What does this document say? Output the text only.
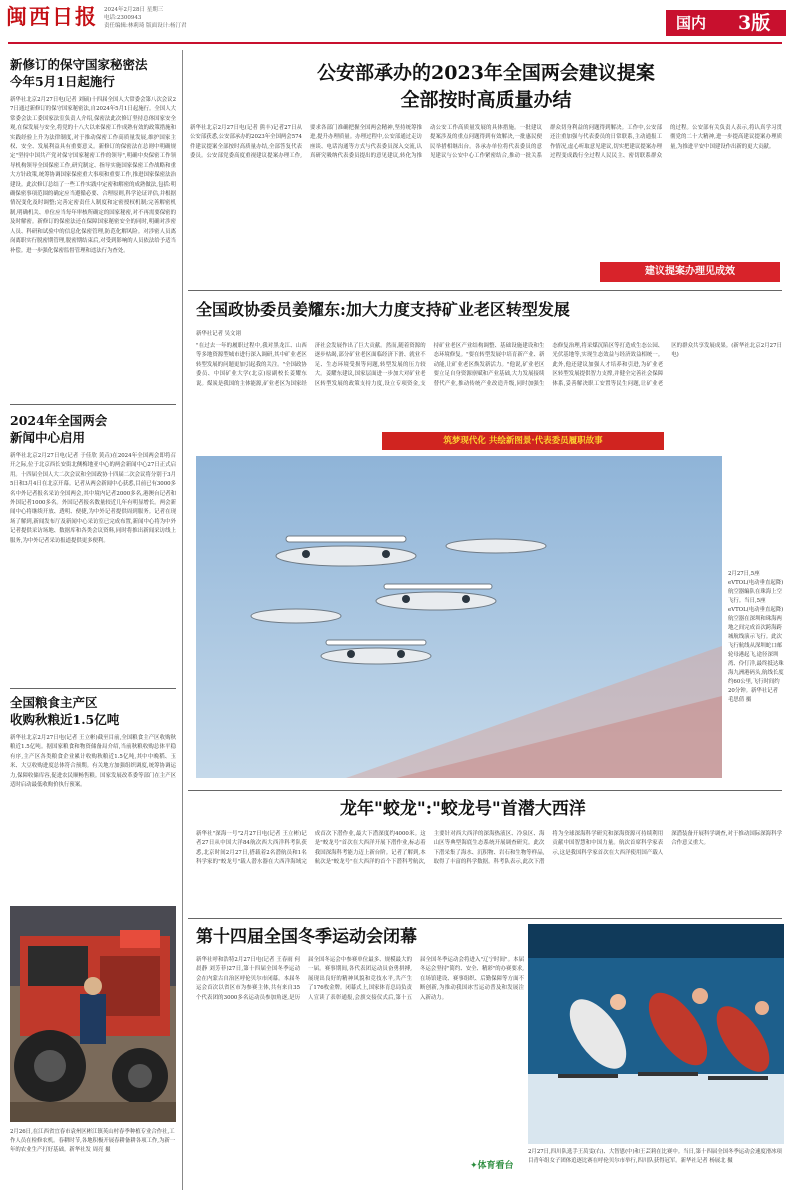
闽西日报 2024年2月28日 星期三
电话:2300943
责任编辑:林莉琦 版面设计:杨汀君	国内 3版
新修订的保守国家秘密法
今年5月1日起施行
新华社北京2月27日电(记者 刘硕)十四届全国人大常委会第八次会议27日通过新修订的保守国家秘密法,自2024年5月1日起施行。全国人大常委会法工委国家法室负责人介绍,保密法此次修订坚持总体国家安全观,在保发展与安全,将党的十八大以来保密工作成熟有效的政策措施和实践经验上升为法律制度,对于推动保密工作高质量发展,维护国家主权、安全、发展利益具有重要意义。新修订的保密法在总则中明确规定"坚持中国共产党对保守国家秘密工作的领导",明确中央保密工作领导机构领导全国保密工作,研究制定、指导实施国家保密工作战略和重大方针政策,统筹协调国家保密重大事项和重要工作,推进国家保密法治建设。此次修订总结了一些工作实践中定密和解密的成熟做法,包括:明确保密事项范围的确定应当遵循必要、合理原则,科学论证评估,并根据情况变化及时调整;完善定密责任人制度和定密授权机制;完善解密机制,明确机关、单位应当每年审核所确定的国家秘密,对不再需要保密的及时解密。新修订的保密法还在保障国家秘密安全的同时,明确对涉密人员、科研和试验中的信息化保密管理,防范化解风险。对涉密人员离岗离职实行脱密期管理,脱密期结束后,对受到影响的人员依法给予适当补偿。进一步强化保密监督管理和违法行为查处。
2024年全国两会
新闻中心启用
新华社北京2月27日电(记者 于佳欣 黄垚)在2024年全国两会即将召开之际,位于北京西长安街北侧梅地亚中心的两会新闻中心27日正式启用。十四届全国人大二次会议和全国政协十四届二次会议将分别于3月5日和3月4日在北京开幕。记者从两会新闻中心获悉,目前已有3000多名中外记者报名采访全国两会,其中境内记者2000多名,港澳台记者和外国记者1000多名。外国记者报名数量较近几年有明显增长。两会新闻中心将继续开放、透明、便捷,为中外记者提供周到服务。记者在现场了解到,新闻发布厅及新闻中心采访室已完成布置,新闻中心将为中外记者提供采访场地、数据库和各类会议资料,同时将推出新闻采访线上服务,为中外记者采访报道提供更多便利。
全国粮食主产区
收购秋粮近1.5亿吨
新华社北京2月27日电(记者 王立彬)截至目前,全国粮食主产区收购秋粮近1.5亿吨。据国家粮食和物资储备局介绍,当前秋粮收购总体平稳有序,主产区各类粮食企业累计收购秋粮近1.5亿吨,其中中晚稻、玉米、大豆收购进度总体符合预期。有关地方加强组织调度,统筹协调运力,保障收储库容,促进农民顺畅售粮。国家发展改革委等部门在主产区适时启动最低收购价执行预案。
2月26日,在江西省宜春市袁州区彬江镇英山村春季种植专业合作社,工作人员在检修农机。春耕时节,各地积极开展春耕备耕各项工作,为新一年的农业生产打好基础。新华社发 周亮 摄
公安部承办的2023年全国两会建议提案
全部按时高质量办结
新华社北京2月27日电(记者 熊丰)记者27日从公安部获悉,公安部承办的2023年全国两会574件建议提案全部按时高质量办结,全部答复代表委员。公安部党委高度重视建议提案办理工作,要求各部门准确把握全国两会精神,坚持统筹推进,提升办理质量。办理过程中,公安部通过走访座谈、电话沟通等方式与代表委员深入交流,认真研究吸纳代表委员提出的意见建议,转化为推动公安工作高质量发展的具体措施。一批建议提案涉及的重点问题得到有效解决,一批惠民便民举措相继出台。各承办单位将代表委员的意见建议与公安中心工作紧密结合,推动一批关系群众切身利益的问题得到解决。工作中,公安部还注重加强与代表委员的日常联系,主动通报工作情况,虚心听取意见建议,切实把建议提案办理过程变成践行全过程人民民主、密切联系群众的过程。公安部有关负责人表示,将认真学习贯彻党的二十大精神,进一步提高建议提案办理质量,为推进平安中国建设作出新的更大贡献。
建议提案办理见成效
全国政协委员姜耀东:加大力度支持矿业老区转型发展
新华社记者 吴文诩
"在过去一年的履职过程中,我对黑龙江、山西等多地资源型城市进行深入调研,其中矿业老区转型发展的问题更加引起我的关注。"全国政协委员、中国矿业大学(北京)原副校长姜耀东说。煤炭是我国的主体能源,矿业老区为国家经济社会发展作出了巨大贡献。然而,随着资源的逐步枯竭,部分矿业老区面临经济下滑、就业不足、生态环境受损等问题,转型发展的压力较大。姜耀东建议,国家层面进一步加大对矿业老区转型发展的政策支持力度,设立专项资金,支持矿业老区产业结构调整、基础设施建设和生态环境修复。"要在转型发展中培育新产业、新动能,让矿业老区焕发新活力。"他说,矿业老区要立足自身资源禀赋和产业基础,大力发展接续替代产业,推动传统产业改造升级,同时加强生态修复治理,将采煤沉陷区等打造成生态公园、光伏基地等,实现生态效益与经济效益相统一。此外,他还建议加强人才培养和引进,为矿业老区转型发展提供智力支撑,并健全完善社会保障体系,妥善解决职工安置等民生问题,让矿业老区的群众共享发展成果。(新华社北京2月27日电)
筑梦现代化 共绘新图景·代表委员履职故事
2月27日,5座eVTOL(电动垂直起降)航空器編队在珠海上空飞行。当日,5座eVTOL(电动垂直起降)航空器在深圳和珠海两地之间完成首次跨海跨城航线演示飞行。此次飞行航线从深圳蛇口邮轮母港起飞,途径深圳湾、伶仃洋,最终抵达珠海九洲港码头,航线长度约60公里,飞行时间约20分钟。新华社记者 毛思倩 摄
龙年"蛟龙":"蛟龙号"首潜大西洋
新华社"深海一号"2月27日电(记者 王立彬)记者27日从中国大洋84航次西大西洋科考队获悉,北京时间2月27日,搭载着2名潜航员和1名科学家的"蛟龙号"载人潜水器在大西洋海域完成首次下潜作业,最大下潜深度约4000米。这是"蛟龙号"首次在大西洋开展下潜作业,标志着我国深海科考能力迈上新台阶。记者了解到,本航次是"蛟龙号"在大西洋的首个下潜科考航次,主要针对西大西洋的深海热液区、冷泉区、海山区等典型海底生态系统开展调查研究。此次下潜采集了海水、沉积物、岩石和生物等样品,取得了丰富的科学数据。科考队表示,此次下潜将为全球深海科学研究和深海资源可持续利用贡献中国智慧和中国力量。航次首席科学家表示,这是我国科学家首次在大西洋使用国产载人深潜装备开展科学调查,对于推动国际深海科学合作意义重大。
第十四届全国冬季运动会闭幕
新华社呼和浩特2月27日电(记者 王春雨 何晨静 刘芳菲)27日,第十四届全国冬季运动会在内蒙古自治区呼伦贝尔市闭幕。本届冬运会首次以省区市为参赛主体,共有来自35个代表团的3000多名运动员参加角逐,是历届全国冬运会中参赛单位最多、规模最大的一届。赛事期间,各代表团运动员奋勇拼搏,展现出良好的精神风貌和竞技水平,共产生了176枚金牌。闭幕式上,国家体育总局负责人宣读了表彰通报,会旗交接仪式后,第十五届全国冬季运动会将进入"辽宁时间"。本届冬运会坚持"简约、安全、精彩"的办赛要求,在场馆建设、赛事组织、后勤保障等方面不断创新,为推动我国冰雪运动普及和发展注入新动力。
✦体育看台
2月27日,四川队选手王莴雯(右)、大智恩(中)和王芸莉在比赛中。当日,第十四届全国冬季运动会速度滑冰项目青年组女子团体追逐比赛在呼伦贝尔市举行,四川队获得冠军。新华社记者 杨展北 摄
